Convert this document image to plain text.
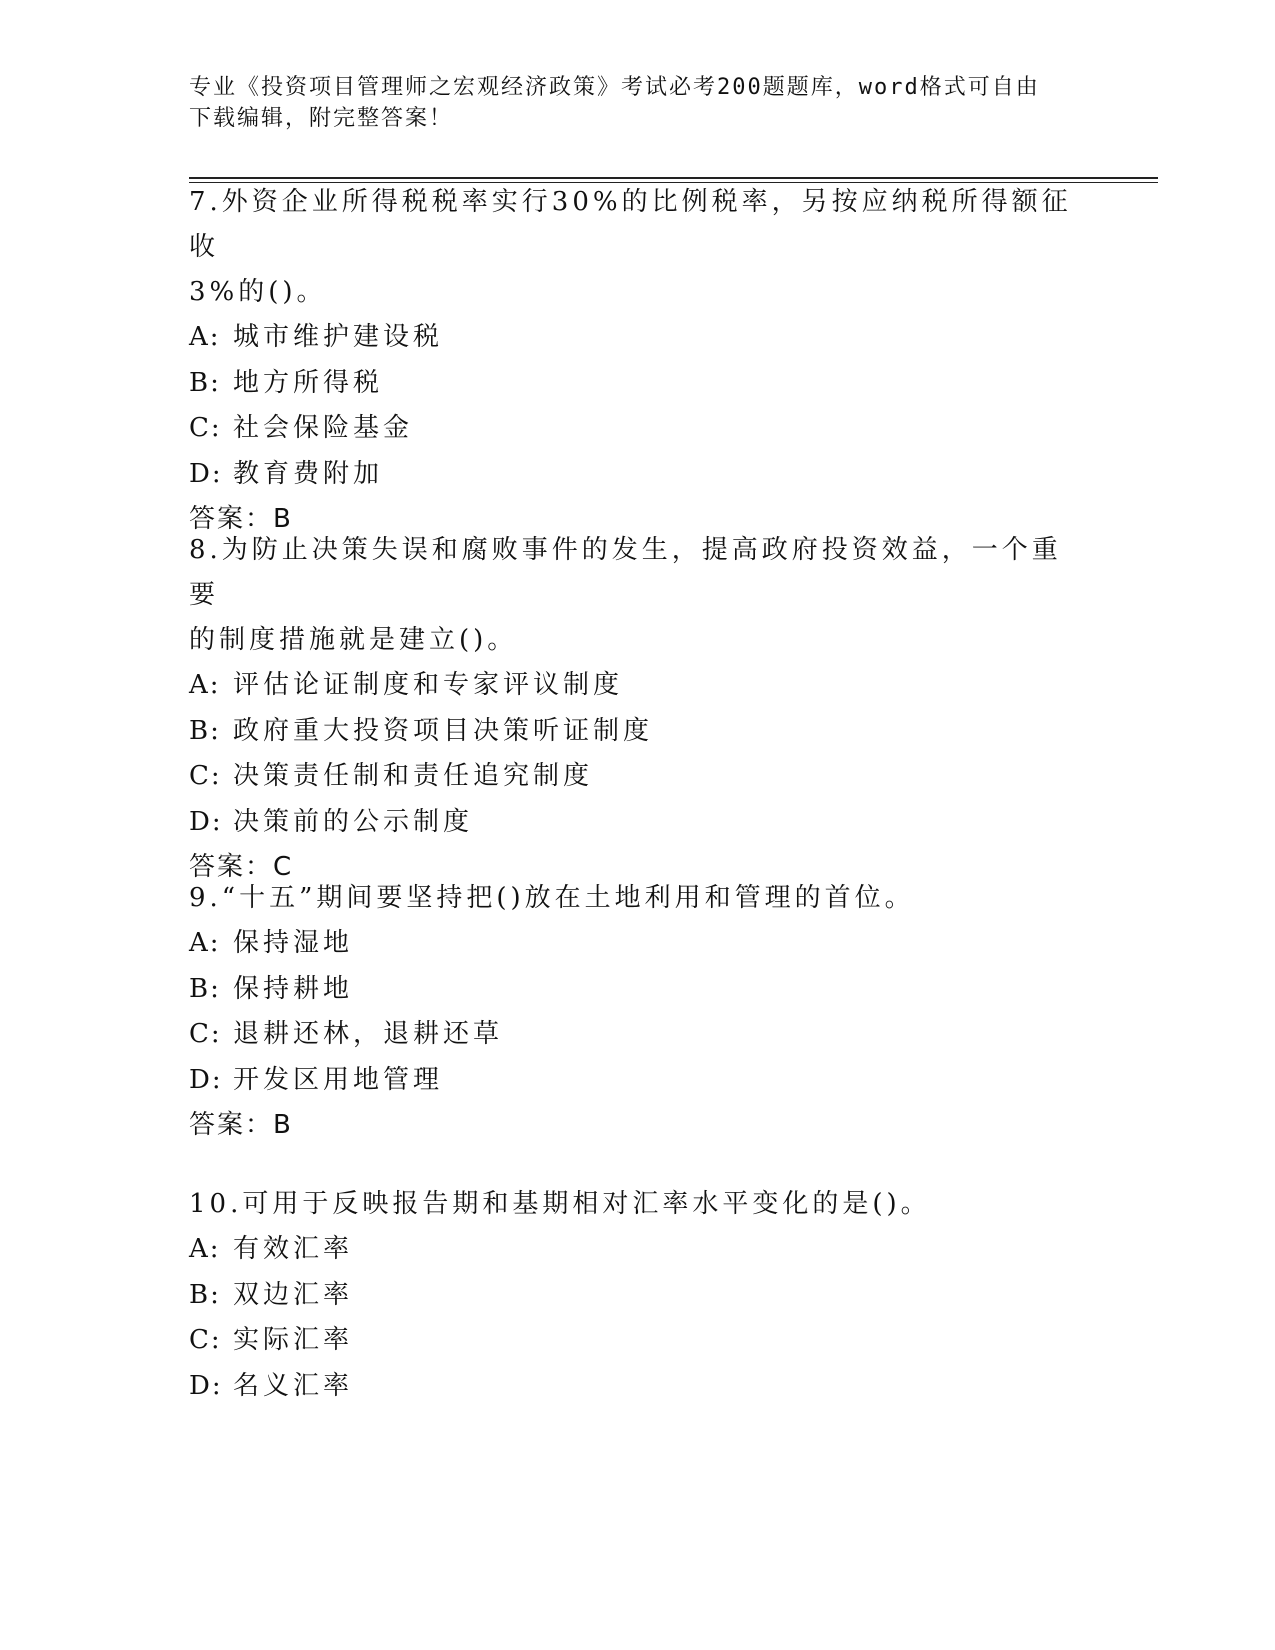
专业《投资项目管理师之宏观经济政策》考试必考200题题库，word格式可自由
下载编辑，附完整答案！
7.外资企业所得税税率实行30%的比例税率，另按应纳税所得额征收
3%的()。
A: 城市维护建设税
B: 地方所得税
C: 社会保险基金
D: 教育费附加
答案：B
8.为防止决策失误和腐败事件的发生，提高政府投资效益，一个重要
的制度措施就是建立()。
A: 评估论证制度和专家评议制度
B: 政府重大投资项目决策听证制度
C: 决策责任制和责任追究制度
D: 决策前的公示制度
答案：C
9.“十五”期间要坚持把()放在土地利用和管理的首位。
A: 保持湿地
B: 保持耕地
C: 退耕还林，退耕还草
D: 开发区用地管理
答案：B
10.可用于反映报告期和基期相对汇率水平变化的是()。
A: 有效汇率
B: 双边汇率
C: 实际汇率
D: 名义汇率
